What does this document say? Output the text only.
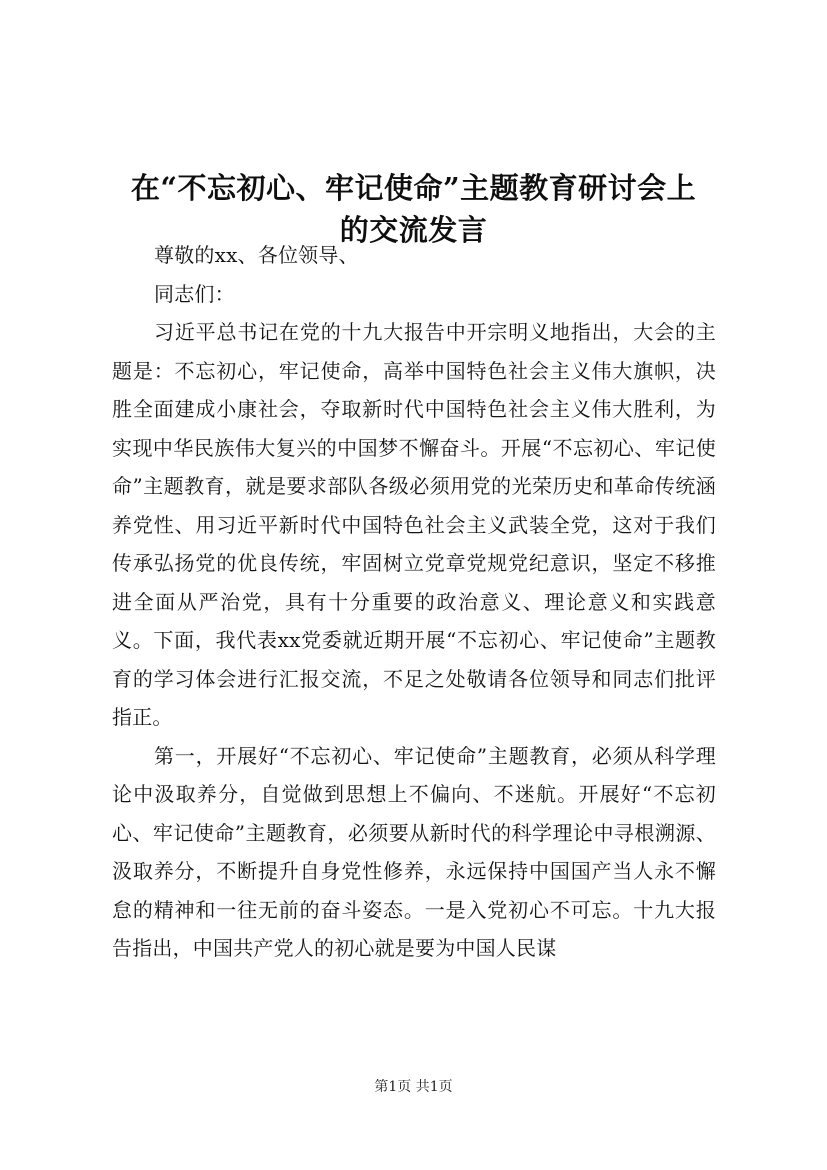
在“不忘初心、牢记使命”主题教育研讨会上
的交流发言

尊敬的xx、各位领导、

同志们：

习近平总书记在党的十九大报告中开宗明义地指出，大会的主题是：不忘初心，牢记使命，高举中国特色社会主义伟大旗帜，决胜全面建成小康社会，夺取新时代中国特色社会主义伟大胜利，为实现中华民族伟大复兴的中国梦不懈奋斗。开展“不忘初心、牢记使命”主题教育，就是要求部队各级必须用党的光荣历史和革命传统涵养党性、用习近平新时代中国特色社会主义武装全党，这对于我们传承弘扬党的优良传统，牢固树立党章党规党纪意识，坚定不移推进全面从严治党，具有十分重要的政治意义、理论意义和实践意义。下面，我代表xx党委就近期开展“不忘初心、牢记使命”主题教育的学习体会进行汇报交流，不足之处敬请各位领导和同志们批评指正。

第一，开展好“不忘初心、牢记使命”主题教育，必须从科学理论中汲取养分，自觉做到思想上不偏向、不迷航。开展好“不忘初心、牢记使命”主题教育，必须要从新时代的科学理论中寻根溯源、汲取养分，不断提升自身党性修养，永远保持中国国产当人永不懈怠的精神和一往无前的奋斗姿态。一是入党初心不可忘。十九大报告指出，中国共产党人的初心就是要为中国人民谋

第1页 共1页
